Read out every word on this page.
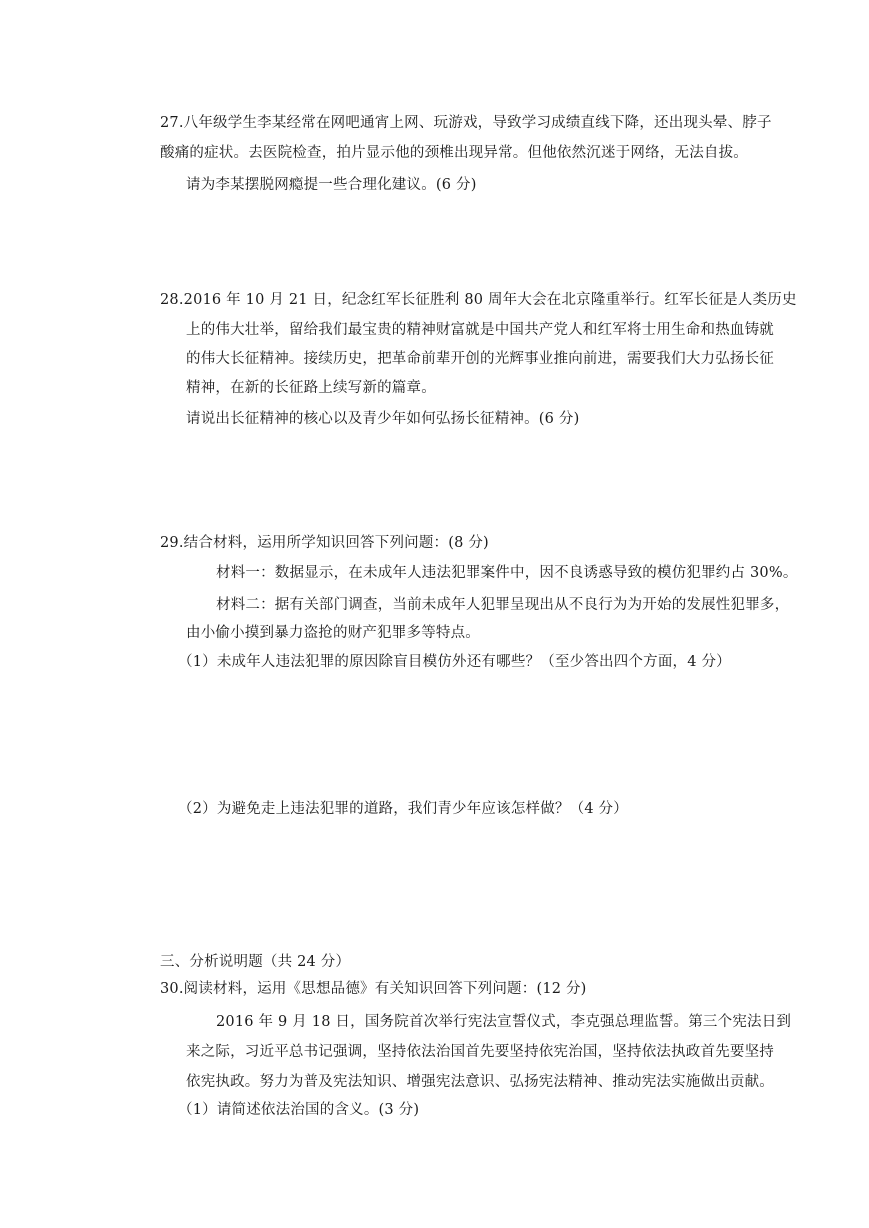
27.八年级学生李某经常在网吧通宵上网、玩游戏，导致学习成绩直线下降，还出现头晕、脖子
酸痛的症状。去医院检查，拍片显示他的颈椎出现异常。但他依然沉迷于网络，无法自拔。
请为李某摆脱网瘾提一些合理化建议。(6 分)
28.2016 年 10 月 21 日，纪念红军长征胜利 80 周年大会在北京隆重举行。红军长征是人类历史
上的伟大壮举，留给我们最宝贵的精神财富就是中国共产党人和红军将士用生命和热血铸就
的伟大长征精神。接续历史，把革命前辈开创的光辉事业推向前进，需要我们大力弘扬长征
精神，在新的长征路上续写新的篇章。
请说出长征精神的核心以及青少年如何弘扬长征精神。(6 分)
29.结合材料，运用所学知识回答下列问题：(8 分)
材料一：数据显示，在未成年人违法犯罪案件中，因不良诱惑导致的模仿犯罪约占 30%。
材料二：据有关部门调查，当前未成年人犯罪呈现出从不良行为为开始的发展性犯罪多，
由小偷小摸到暴力盗抢的财产犯罪多等特点。
（1）未成年人违法犯罪的原因除盲目模仿外还有哪些？（至少答出四个方面，4 分）
（2）为避免走上违法犯罪的道路，我们青少年应该怎样做？（4 分）
三、分析说明题（共 24 分）
30.阅读材料，运用《思想品德》有关知识回答下列问题：(12 分)
2016 年 9 月 18 日，国务院首次举行宪法宣誓仪式，李克强总理监誓。第三个宪法日到
来之际，习近平总书记强调，坚持依法治国首先要坚持依宪治国，坚持依法执政首先要坚持
依宪执政。努力为普及宪法知识、增强宪法意识、弘扬宪法精神、推动宪法实施做出贡献。
（1）请简述依法治国的含义。(3 分)
